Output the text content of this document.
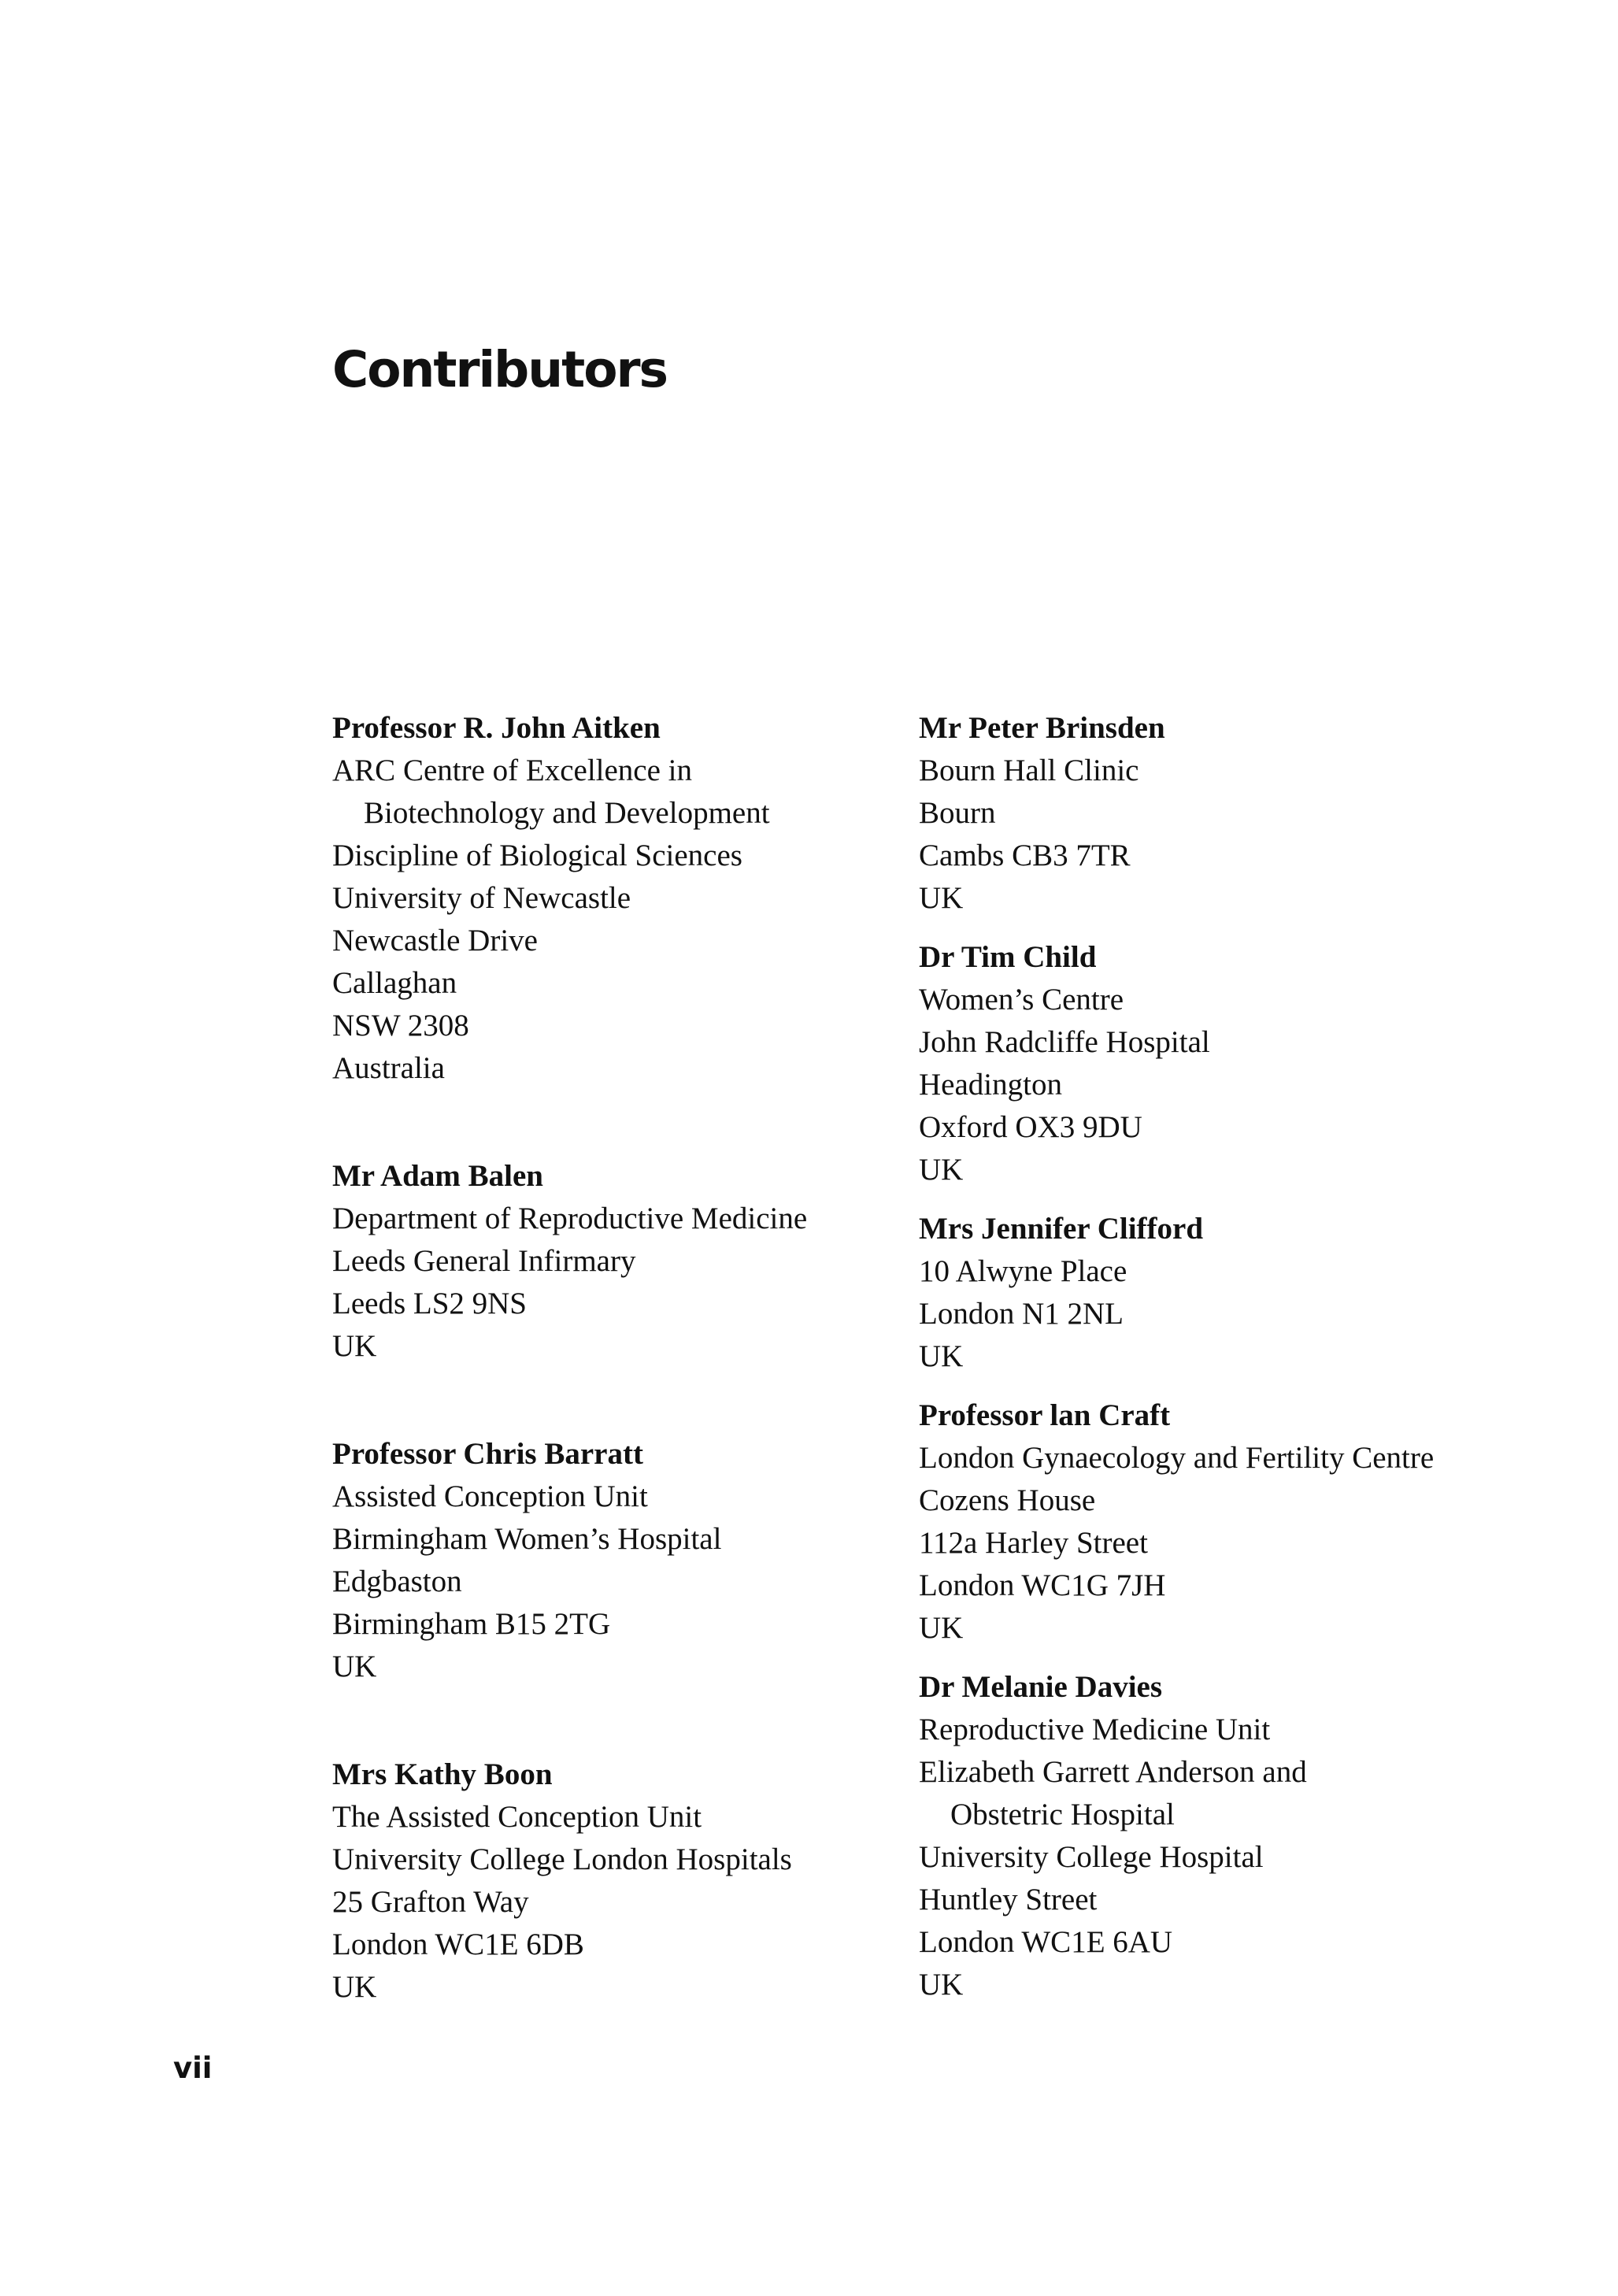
Contributors
Professor R. John Aitken
ARC Centre of Excellence in
Biotechnology and Development
Discipline of Biological Sciences
University of Newcastle
Newcastle Drive
Callaghan
NSW 2308
Australia
Mr Adam Balen
Department of Reproductive Medicine
Leeds General Infirmary
Leeds LS2 9NS
UK
Professor Chris Barratt
Assisted Conception Unit
Birmingham Women’s Hospital
Edgbaston
Birmingham B15 2TG
UK
Mrs Kathy Boon
The Assisted Conception Unit
University College London Hospitals
25 Grafton Way
London WC1E 6DB
UK
Mr Peter Brinsden
Bourn Hall Clinic
Bourn
Cambs CB3 7TR
UK
Dr Tim Child
Women’s Centre
John Radcliffe Hospital
Headington
Oxford OX3 9DU
UK
Mrs Jennifer Clifford
10 Alwyne Place
London N1 2NL
UK
Professor lan Craft
London Gynaecology and Fertility Centre
Cozens House
112a Harley Street
London WC1G 7JH
UK
Dr Melanie Davies
Reproductive Medicine Unit
Elizabeth Garrett Anderson and
Obstetric Hospital
University College Hospital
Huntley Street
London WC1E 6AU
UK
vii
